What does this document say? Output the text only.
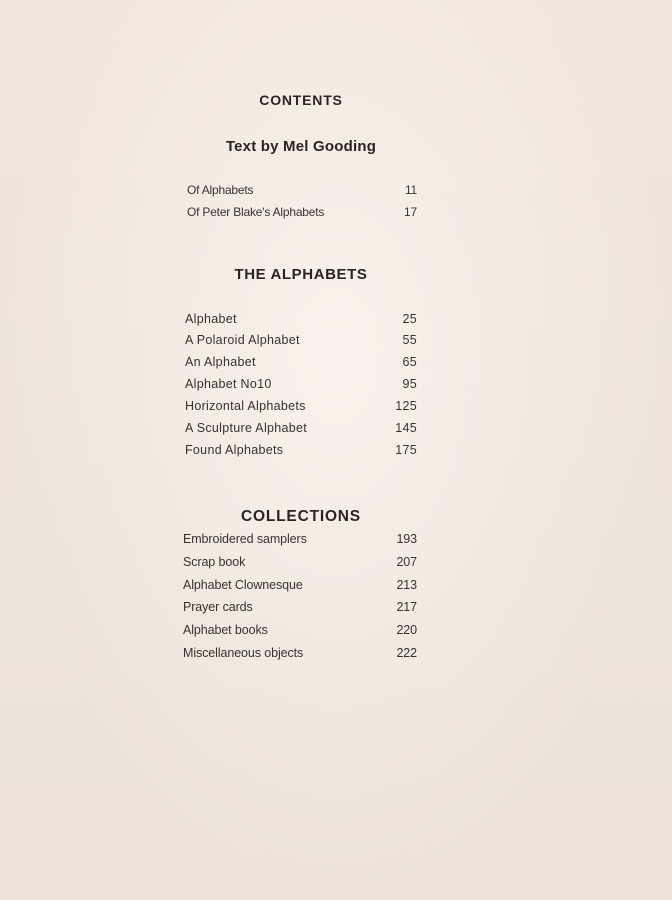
CONTENTS
Text by Mel Gooding
Of Alphabets	11
Of Peter Blake's Alphabets	17
THE ALPHABETS
Alphabet	25
A Polaroid Alphabet	55
An Alphabet	65
Alphabet No10	95
Horizontal Alphabets	125
A Sculpture Alphabet	145
Found Alphabets	175
COLLECTIONS
Embroidered samplers	193
Scrap book	207
Alphabet Clownesque	213
Prayer cards	217
Alphabet books	220
Miscellaneous objects	222
